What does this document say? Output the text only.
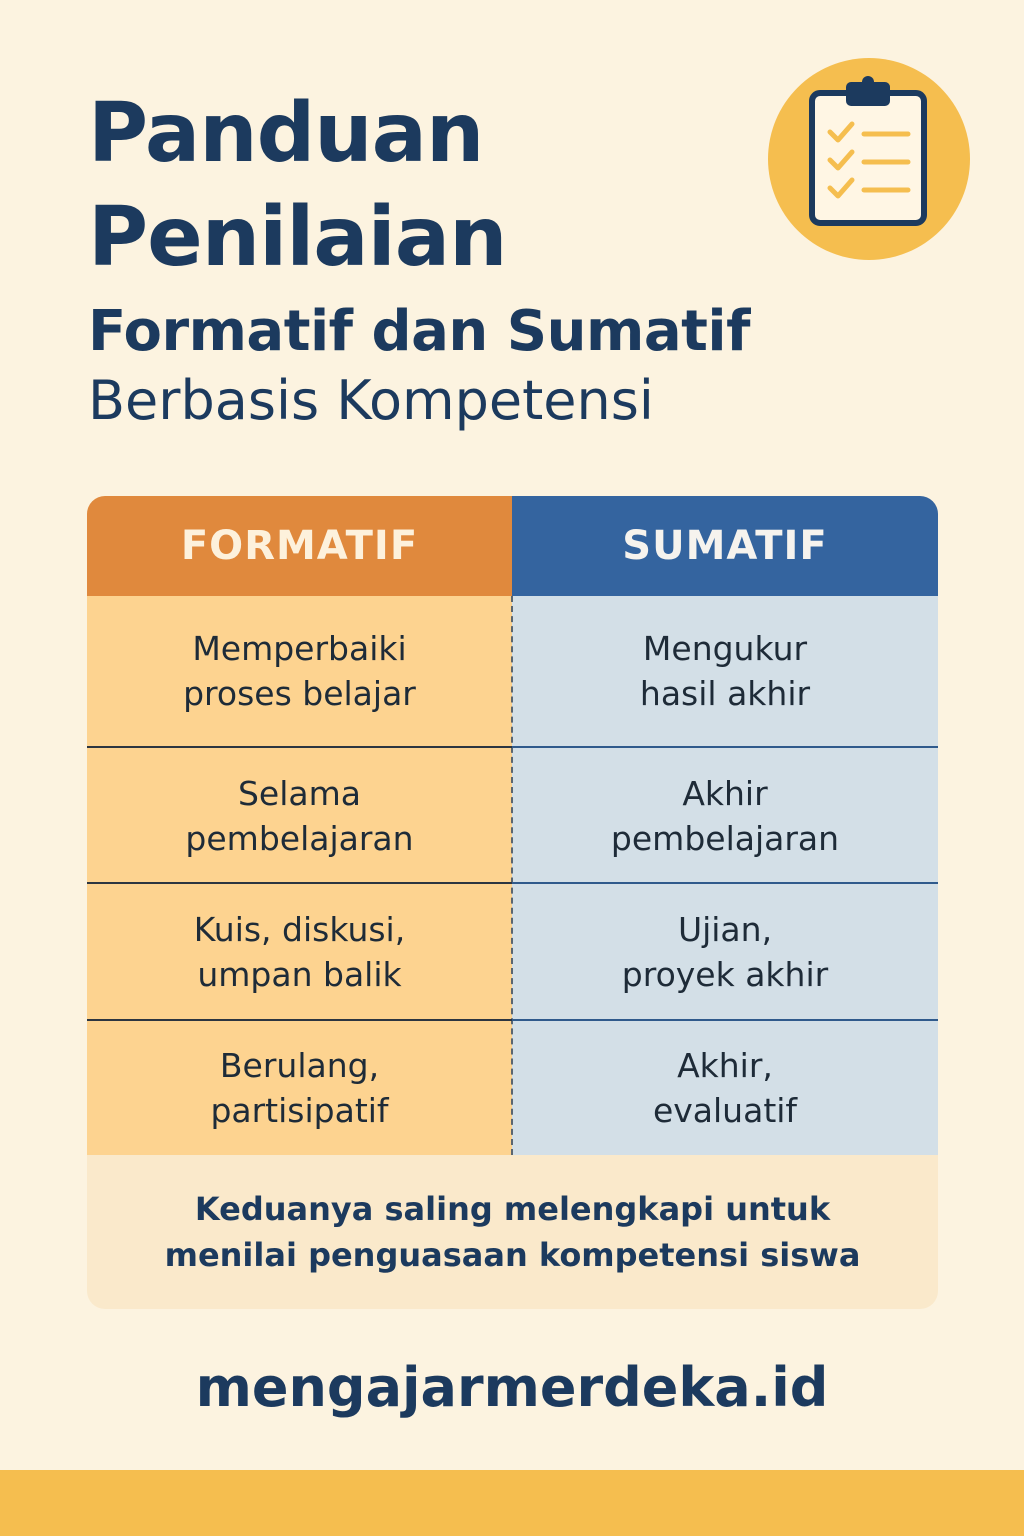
Panduan
Penilaian
Formatif dan Sumatif
Berbasis Kompetensi
FORMATIF	SUMATIF
Memperbaiki
proses belajar
Mengukur
hasil akhir
Selama
pembelajaran
Akhir
pembelajaran
Kuis, diskusi,
umpan balik
Ujian,
proyek akhir
Berulang,
partisipatif
Akhir,
evaluatif
Keduanya saling melengkapi untuk
menilai penguasaan kompetensi siswa
mengajarmerdeka.id
